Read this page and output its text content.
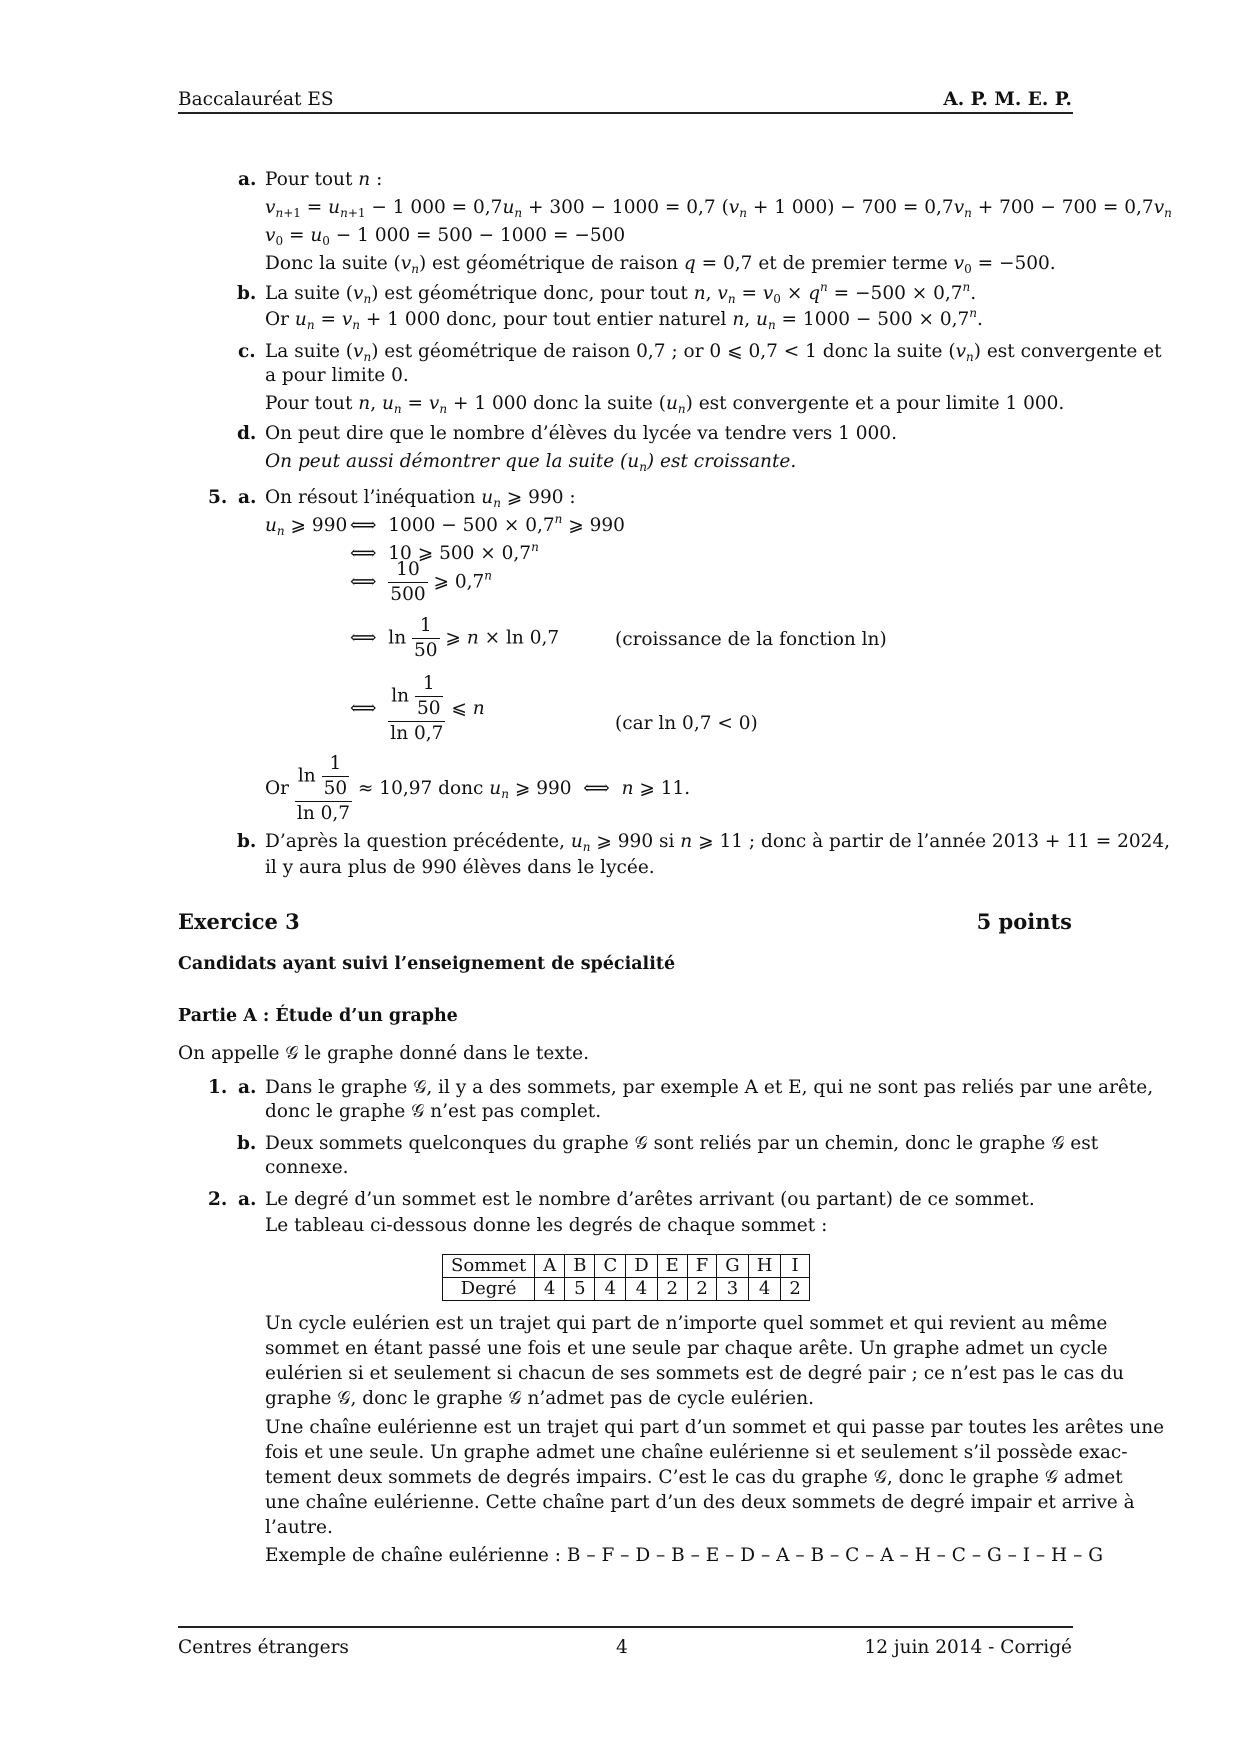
Baccalauréat ES	A. P. M. E. P.
a. Pour tout n :
$v_{n+1} = u_{n+1} - 1$ $000 = 0,7u_n + 300 - 1000 = 0,7$ ($v_n + 1$ $000) - 700 = 0,7v_n + 700 - 700 = 0,7v_n$
$v_0 = u_0 - 1$ 000 = 500 − 1000 = −500
Donc la suite $(v_n)$ est géométrique de raison q = 0,7 et de premier terme $v_0 = -500$.
b. La suite $(v_n)$ est géométrique donc, pour tout n, $v_n = v_0 \times q^n = -500 \times 0,7^n$.
Or $u_n = v_n + 1$ 000 donc, pour tout entier naturel n, $u_n = 1000 - 500 \times 0,7^n$.
c. La suite $(v_n)$ est géométrique de raison 0,7 ; or 0 ⩽ 0,7 < 1 donc la suite $(v_n)$ est convergente et
a pour limite 0.
Pour tout n, $u_n = v_n + 1$ 000 donc la suite $(u_n)$ est convergente et a pour limite 1 000.
d. On peut dire que le nombre d’élèves du lycée va tendre vers 1 000.
On peut aussi démontrer que la suite $(u_n)$ est croissante.
5. a. On résout l’inéquation $u_n$ ⩾ 990 :
$u_n$ ⩾ 990 ⟺  $1000 - 500 \times 0,7^n$ ⩾ 990
⟺  10 ⩾ $500 \times 0,7^n$
⟺ $\frac{10}{500}$ ⩾ 0,7$^n$
⟺  $\ln \frac{1}{50}$ ⩾ n × ln 0,7	(croissance de la fonction ln)
⟺ $\frac{\ln \frac{1}{50}}{\ln 0,7}$ ⩽ n
(car ln 0,7 < 0)
Or $\frac{\ln \frac{1}{50}}{\ln 0,7} \approx 10,97$ donc $u_n$ ⩾ 990  ⟺  n ⩾ 11.
b. D’après la question précédente, $u_n$ ⩾ 990 si n ⩾ 11 ; donc à partir de l’année 2013 + 11 = 2024,
il y aura plus de 990 élèves dans le lycée.
Exercice 3	5 points
Candidats ayant suivi l’enseignement de spécialité
Partie A : Étude d’un graphe
On appelle 𝒢 le graphe donné dans le texte.
1. a. Dans le graphe 𝒢, il y a des sommets, par exemple A et E, qui ne sont pas reliés par une arête,
donc le graphe 𝒢 n’est pas complet.
b. Deux sommets quelconques du graphe 𝒢 sont reliés par un chemin, donc le graphe 𝒢 est
connexe.
2. a. Le degré d’un sommet est le nombre d’arêtes arrivant (ou partant) de ce sommet.
Le tableau ci-dessous donne les degrés de chaque sommet :
Sommet	A	B	C	D	E	F	G	H	I
Degré	4	5	4	4	2	2	3	4	2
Un cycle eulérien est un trajet qui part de n’importe quel sommet et qui revient au même
sommet en étant passé une fois et une seule par chaque arête. Un graphe admet un cycle
eulérien si et seulement si chacun de ses sommets est de degré pair ; ce n’est pas le cas du
graphe 𝒢, donc le graphe 𝒢 n’admet pas de cycle eulérien.
Une chaîne eulérienne est un trajet qui part d’un sommet et qui passe par toutes les arêtes une
fois et une seule. Un graphe admet une chaîne eulérienne si et seulement s’il possède exac-
tement deux sommets de degrés impairs. C’est le cas du graphe 𝒢, donc le graphe 𝒢 admet
une chaîne eulérienne. Cette chaîne part d’un des deux sommets de degré impair et arrive à
l’autre.
Exemple de chaîne eulérienne : B – F – D – B – E – D – A – B – C – A – H – C – G – I – H – G
Centres étrangers	4	12 juin 2014 - Corrigé
